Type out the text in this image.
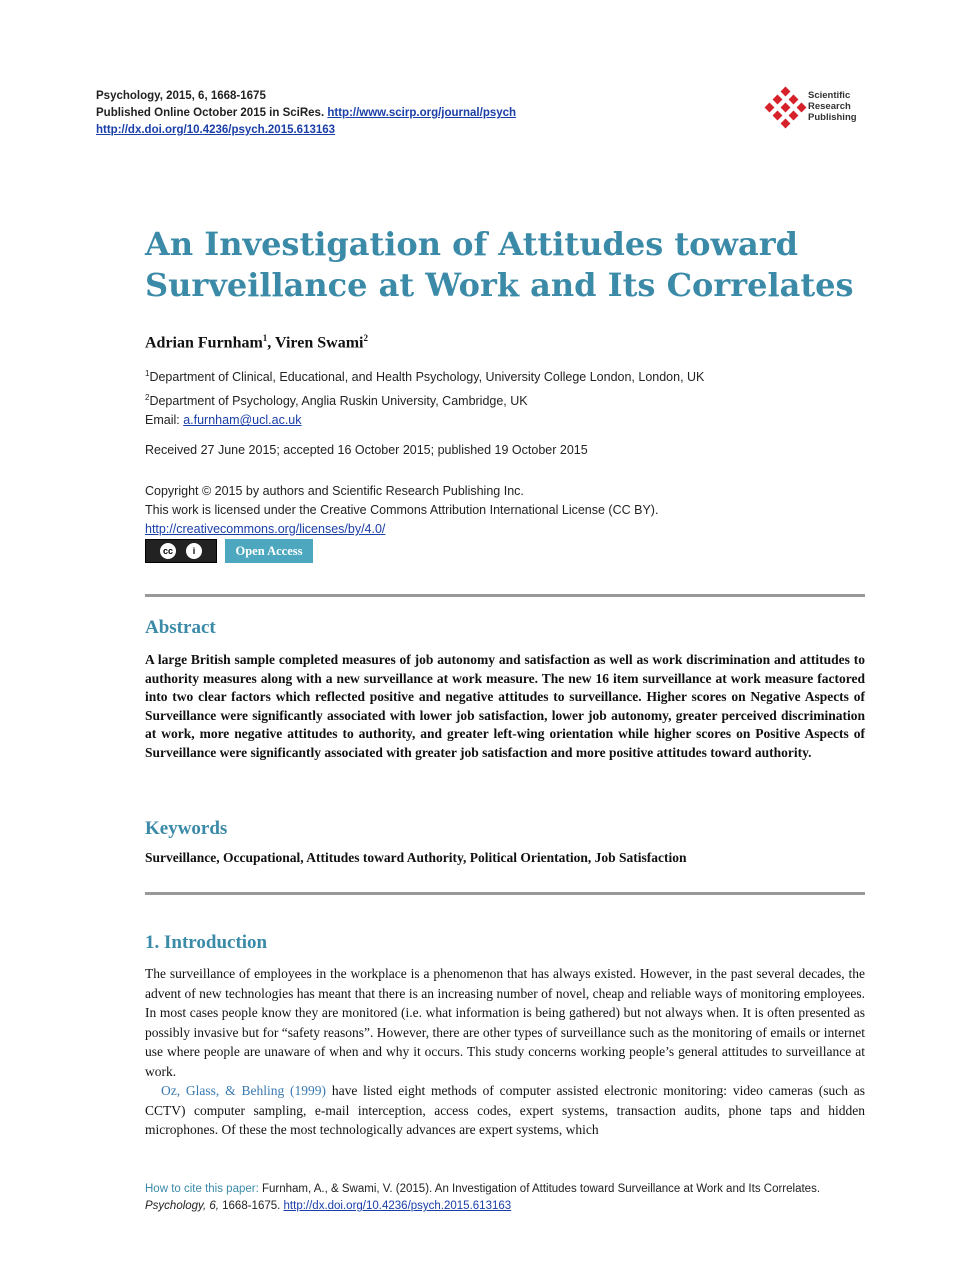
Psychology, 2015, 6, 1668-1675
Published Online October 2015 in SciRes. http://www.scirp.org/journal/psych
http://dx.doi.org/10.4236/psych.2015.613163
Scientific
Research
Publishing
An Investigation of Attitudes toward Surveillance at Work and Its Correlates
Adrian Furnham$^1$, Viren Swami$^2$
$^1$Department of Clinical, Educational, and Health Psychology, University College London, London, UK
$^2$Department of Psychology, Anglia Ruskin University, Cambridge, UK
Email: a.furnham@ucl.ac.uk
Received 27 June 2015; accepted 16 October 2015; published 19 October 2015
Copyright © 2015 by authors and Scientific Research Publishing Inc.
This work is licensed under the Creative Commons Attribution International License (CC BY).
http://creativecommons.org/licenses/by/4.0/
cc	i	Open Access
Abstract

A large British sample completed measures of job autonomy and satisfaction as well as work discrimination and attitudes to authority measures along with a new surveillance at work measure. The new 16 item surveillance at work measure factored into two clear factors which reflected positive and negative attitudes to surveillance. Higher scores on Negative Aspects of Surveillance were significantly associated with lower job satisfaction, lower job autonomy, greater perceived discrimination at work, more negative attitudes to authority, and greater left-wing orientation while higher scores on Positive Aspects of Surveillance were significantly associated with greater job satisfaction and more positive attitudes toward authority.

Keywords

Surveillance, Occupational, Attitudes toward Authority, Political Orientation, Job Satisfaction

1. Introduction

The surveillance of employees in the workplace is a phenomenon that has always existed. However, in the past several decades, the advent of new technologies has meant that there is an increasing number of novel, cheap and reliable ways of monitoring employees. In most cases people know they are monitored (i.e. what information is being gathered) but not always when. It is often presented as possibly invasive but for “safety reasons”. However, there are other types of surveillance such as the monitoring of emails or internet use where people are unaware of when and why it occurs. This study concerns working people’s general attitudes to surveillance at work.

Oz, Glass, & Behling (1999) have listed eight methods of computer assisted electronic monitoring: video cameras (such as CCTV) computer sampling, e-mail interception, access codes, expert systems, transaction audits, phone taps and hidden microphones. Of these the most technologically advances are expert systems, which

How to cite this paper: Furnham, A., & Swami, V. (2015). An Investigation of Attitudes toward Surveillance at Work and Its Correlates. Psychology, 6, 1668-1675. http://dx.doi.org/10.4236/psych.2015.613163
